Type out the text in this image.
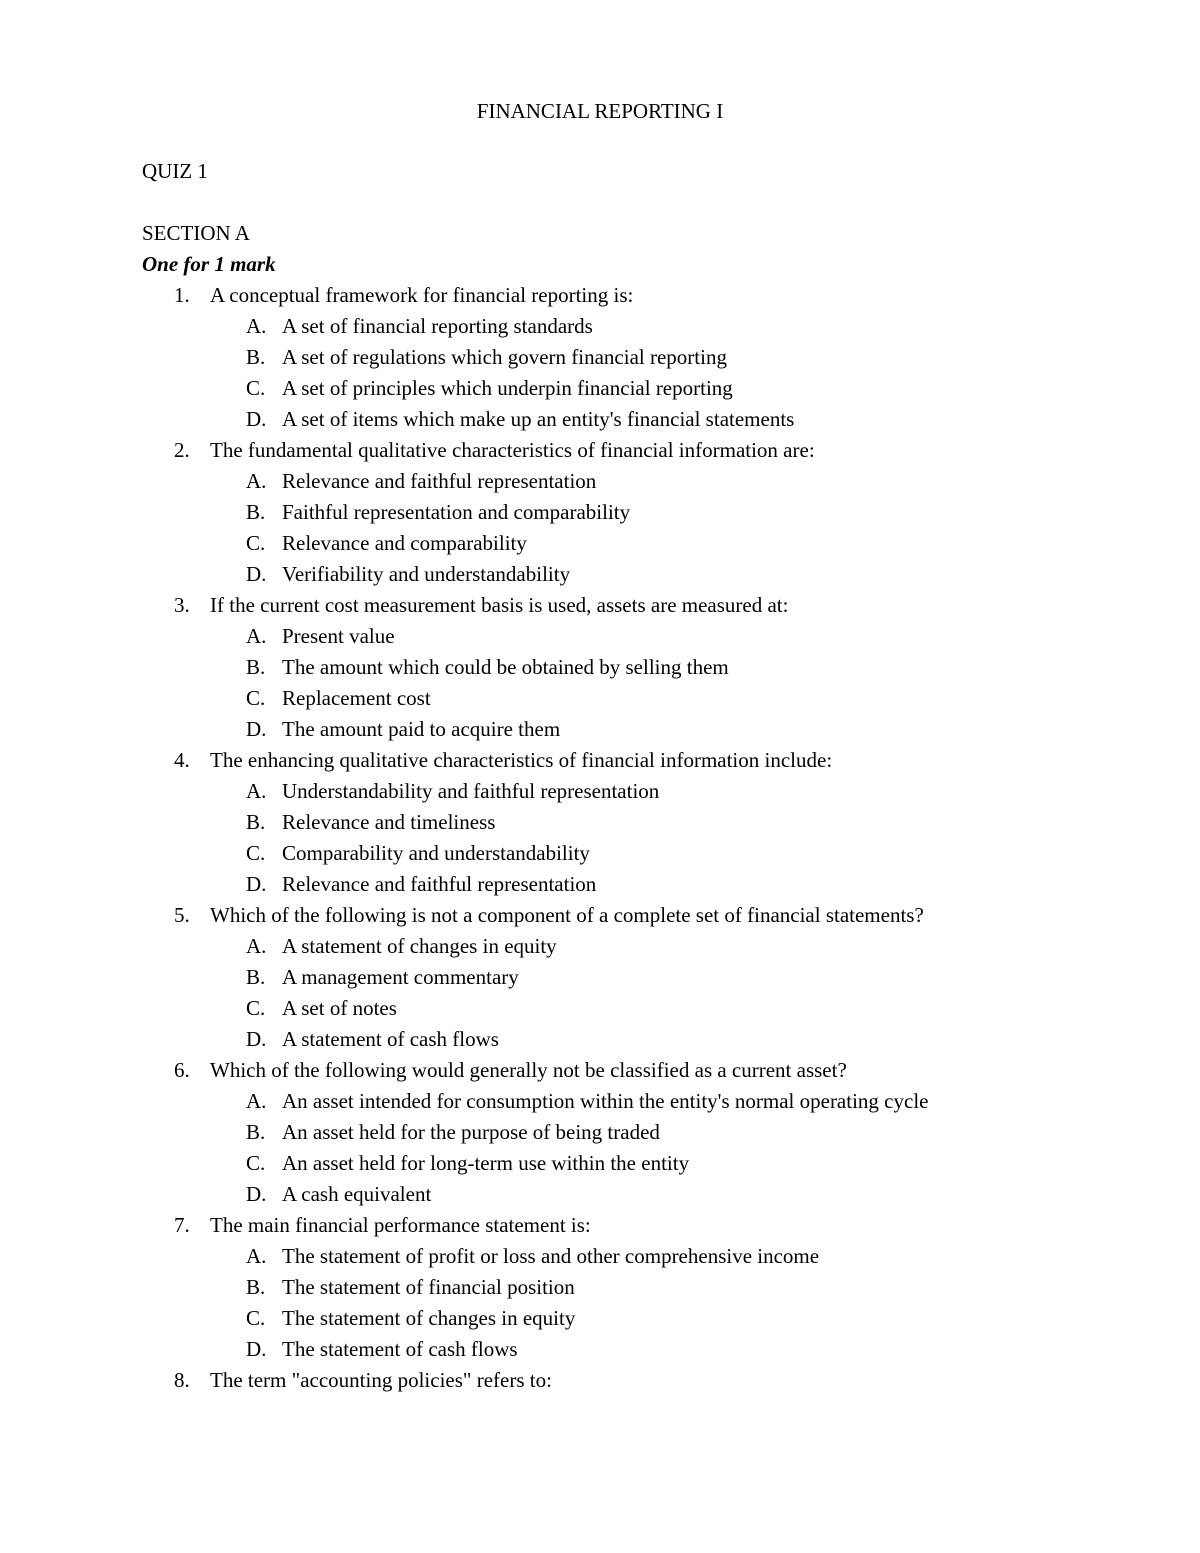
FINANCIAL REPORTING I
QUIZ 1
SECTION A
One for 1 mark
1. A conceptual framework for financial reporting is:
A. A set of financial reporting standards
B. A set of regulations which govern financial reporting
C. A set of principles which underpin financial reporting
D. A set of items which make up an entity's financial statements
2. The fundamental qualitative characteristics of financial information are:
A. Relevance and faithful representation
B. Faithful representation and comparability
C. Relevance and comparability
D. Verifiability and understandability
3. If the current cost measurement basis is used, assets are measured at:
A. Present value
B. The amount which could be obtained by selling them
C. Replacement cost
D. The amount paid to acquire them
4. The enhancing qualitative characteristics of financial information include:
A. Understandability and faithful representation
B. Relevance and timeliness
C. Comparability and understandability
D. Relevance and faithful representation
5. Which of the following is not a component of a complete set of financial statements?
A. A statement of changes in equity
B. A management commentary
C. A set of notes
D. A statement of cash flows
6. Which of the following would generally not be classified as a current asset?
A. An asset intended for consumption within the entity's normal operating cycle
B. An asset held for the purpose of being traded
C. An asset held for long-term use within the entity
D. A cash equivalent
7. The main financial performance statement is:
A. The statement of profit or loss and other comprehensive income
B. The statement of financial position
C. The statement of changes in equity
D. The statement of cash flows
8. The term "accounting policies" refers to:
